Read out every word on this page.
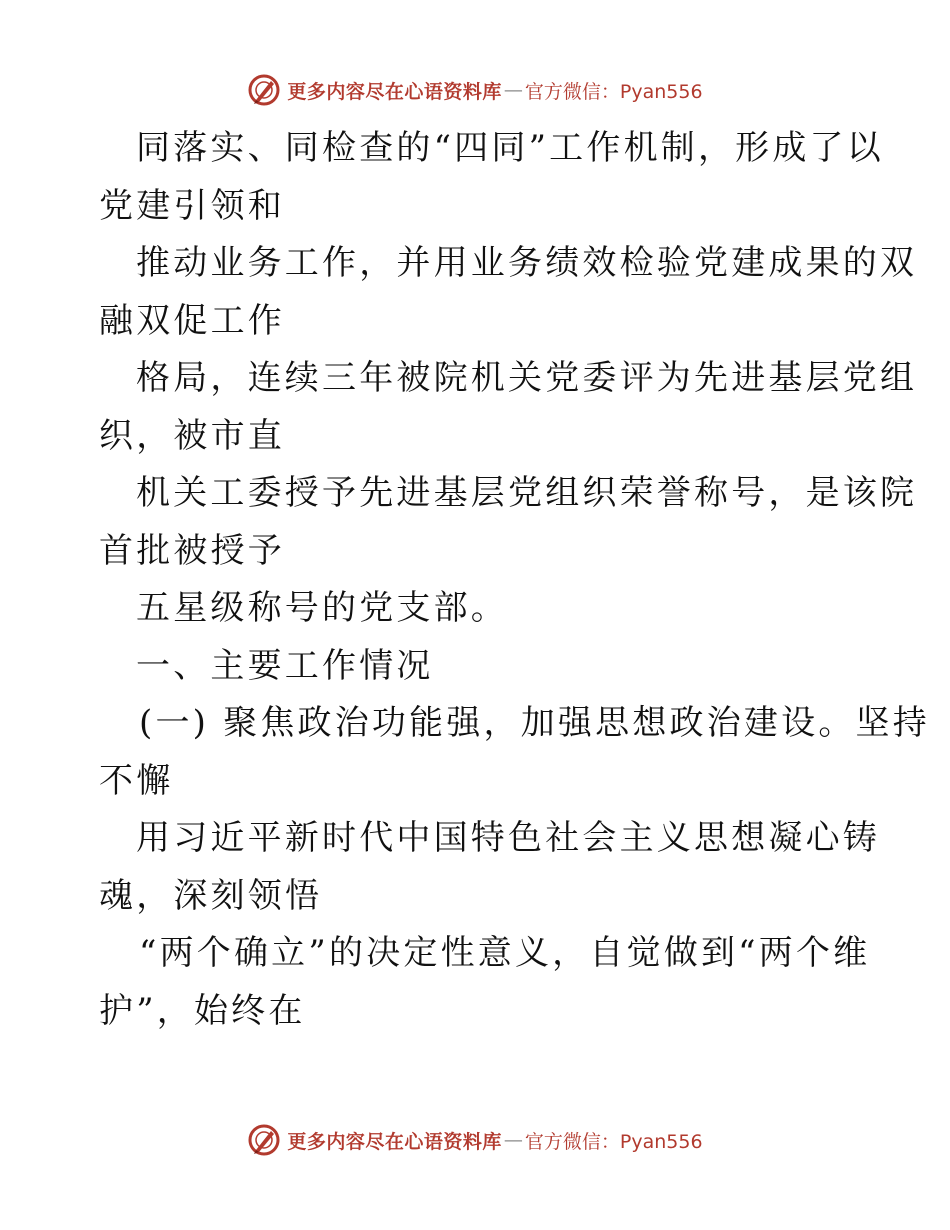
更多内容尽在心语资料库 — 官方微信：Pyan556
同落实、同检查的“四同”工作机制，形成了以
党建引领和
推动业务工作，并用业务绩效检验党建成果的双
融双促工作
格局，连续三年被院机关党委评为先进基层党组
织，被市直
机关工委授予先进基层党组织荣誉称号，是该院
首批被授予
五星级称号的党支部。
一、主要工作情况
(一) 聚焦政治功能强，加强思想政治建设。坚持
不懈
用习近平新时代中国特色社会主义思想凝心铸
魂，深刻领悟
“两个确立”的决定性意义，自觉做到“两个维
护”，始终在
更多内容尽在心语资料库 — 官方微信：Pyan556
